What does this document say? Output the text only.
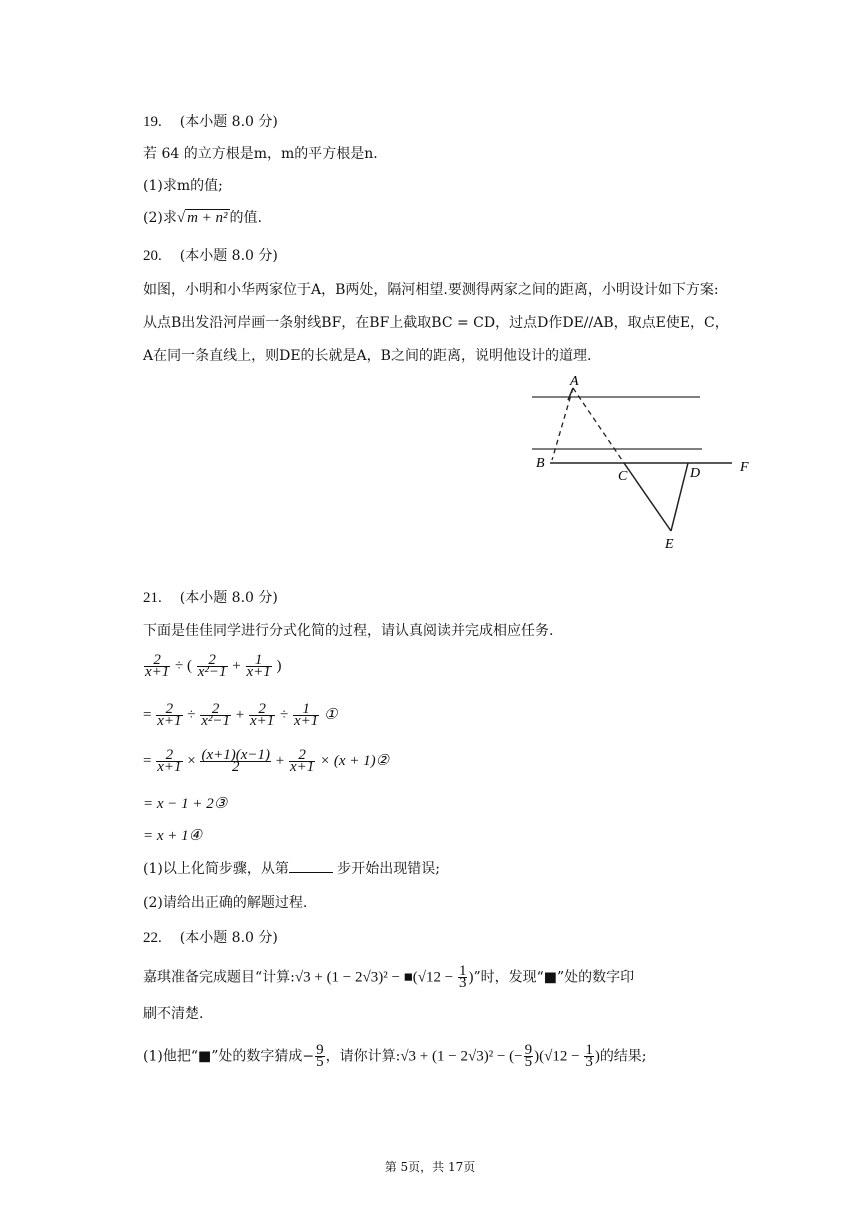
19. (本小题 8.0 分)
若 64 的立方根是m，m的平方根是n.
(1)求m的值;
(2)求√ m + n² 的值.
20. (本小题 8.0 分)
如图，小明和小华两家位于A，B两处，隔河相望.要测得两家之间的距离，小明设计如下方案:
从点B出发沿河岸画一条射线BF，在BF上截取BC = CD，过点D作DE//AB，取点E使E，C，
A在同一条直线上，则DE的长就是A，B之间的距离，说明他设计的道理.
A
B
C	D
E
F
21. (本小题 8.0 分)
下面是佳佳同学进行分式化简的过程，请认真阅读并完成相应任务.
$\frac{2}{x+1}$ ÷ ( $\frac{2}{\text{x²−1}} + \frac{1}{x+1}$ )
= $\frac{2}{x+1} \div \frac{2}{\text{x²−1}} + \frac{2}{x+1} \div \frac{1}{x+1}$ ①
= $\frac{2}{x+1} \times \frac{(x+1)(x-1)}{2} + \frac{2}{x+1} \times (x$ + 1)②
= x − 1 + 2③
= x + 1④
(1)以上化简步骤，从第	步开始出现错误;
(2)请给出正确的解题过程.
22. (本小题 8.0 分)
嘉琪准备完成题目“计算:√3 + (1 − 2√3)² − ■(√12 − $\frac{1}{3}$ )”时，发现“■”处的数字印
刷不清楚.
(1)他把“■”处的数字猜成− $\frac{9}{5}$ ，请你计算:√3 + (1 − 2√3)² − (− $\frac{9}{5} )(√12 - \frac{1}{3}$ )的结果;
第 5页，共 17页
